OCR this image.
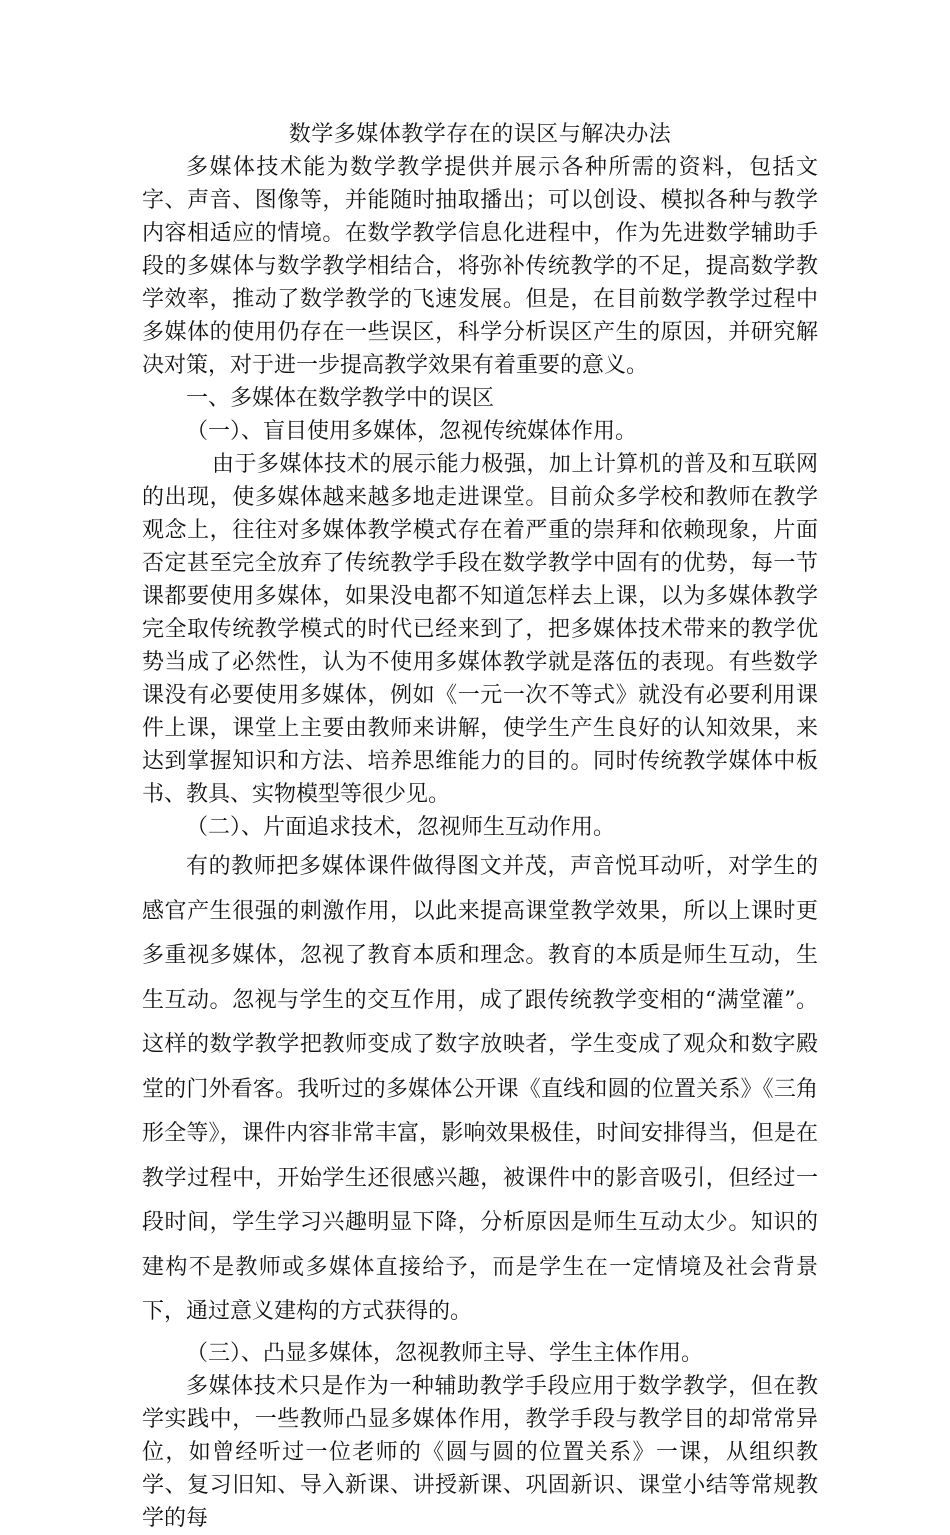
数学多媒体教学存在的误区与解决办法

多媒体技术能为数学教学提供并展示各种所需的资料，包括文字、声音、图像等，并能随时抽取播出；可以创设、模拟各种与教学内容相适应的情境。在数学教学信息化进程中，作为先进数学辅助手段的多媒体与数学教学相结合，将弥补传统教学的不足，提高数学教学效率，推动了数学教学的飞速发展。但是，在目前数学教学过程中多媒体的使用仍存在一些误区，科学分析误区产生的原因，并研究解决对策，对于进一步提高教学效果有着重要的意义。

一、多媒体在数学教学中的误区

（一）、盲目使用多媒体，忽视传统媒体作用。

由于多媒体技术的展示能力极强，加上计算机的普及和互联网的出现，使多媒体越来越多地走进课堂。目前众多学校和教师在教学观念上，往往对多媒体教学模式存在着严重的崇拜和依赖现象，片面否定甚至完全放弃了传统教学手段在数学教学中固有的优势，每一节课都要使用多媒体，如果没电都不知道怎样去上课，以为多媒体教学完全取传统教学模式的时代已经来到了，把多媒体技术带来的教学优势当成了必然性，认为不使用多媒体教学就是落伍的表现。有些数学课没有必要使用多媒体，例如《一元一次不等式》就没有必要利用课件上课，课堂上主要由教师来讲解，使学生产生良好的认知效果，来达到掌握知识和方法、培养思维能力的目的。同时传统教学媒体中板书、教具、实物模型等很少见。

（二）、片面追求技术，忽视师生互动作用。

有的教师把多媒体课件做得图文并茂，声音悦耳动听，对学生的感官产生很强的刺激作用，以此来提高课堂教学效果，所以上课时更多重视多媒体，忽视了教育本质和理念。教育的本质是师生互动，生生互动。忽视与学生的交互作用，成了跟传统教学变相的“满堂灌”。这样的数学教学把教师变成了数字放映者，学生变成了观众和数字殿堂的门外看客。我听过的多媒体公开课《直线和圆的位置关系》《三角形全等》，课件内容非常丰富，影响效果极佳，时间安排得当，但是在教学过程中，开始学生还很感兴趣，被课件中的影音吸引，但经过一段时间，学生学习兴趣明显下降，分析原因是师生互动太少。知识的建构不是教师或多媒体直接给予，而是学生在一定情境及社会背景下，通过意义建构的方式获得的。

（三）、凸显多媒体，忽视教师主导、学生主体作用。

多媒体技术只是作为一种辅助教学手段应用于数学教学，但在教学实践中，一些教师凸显多媒体作用，教学手段与教学目的却常常异位，如曾经听过一位老师的《圆与圆的位置关系》一课，从组织教学、复习旧知、导入新课、讲授新课、巩固新识、课堂小结等常规教学的每
